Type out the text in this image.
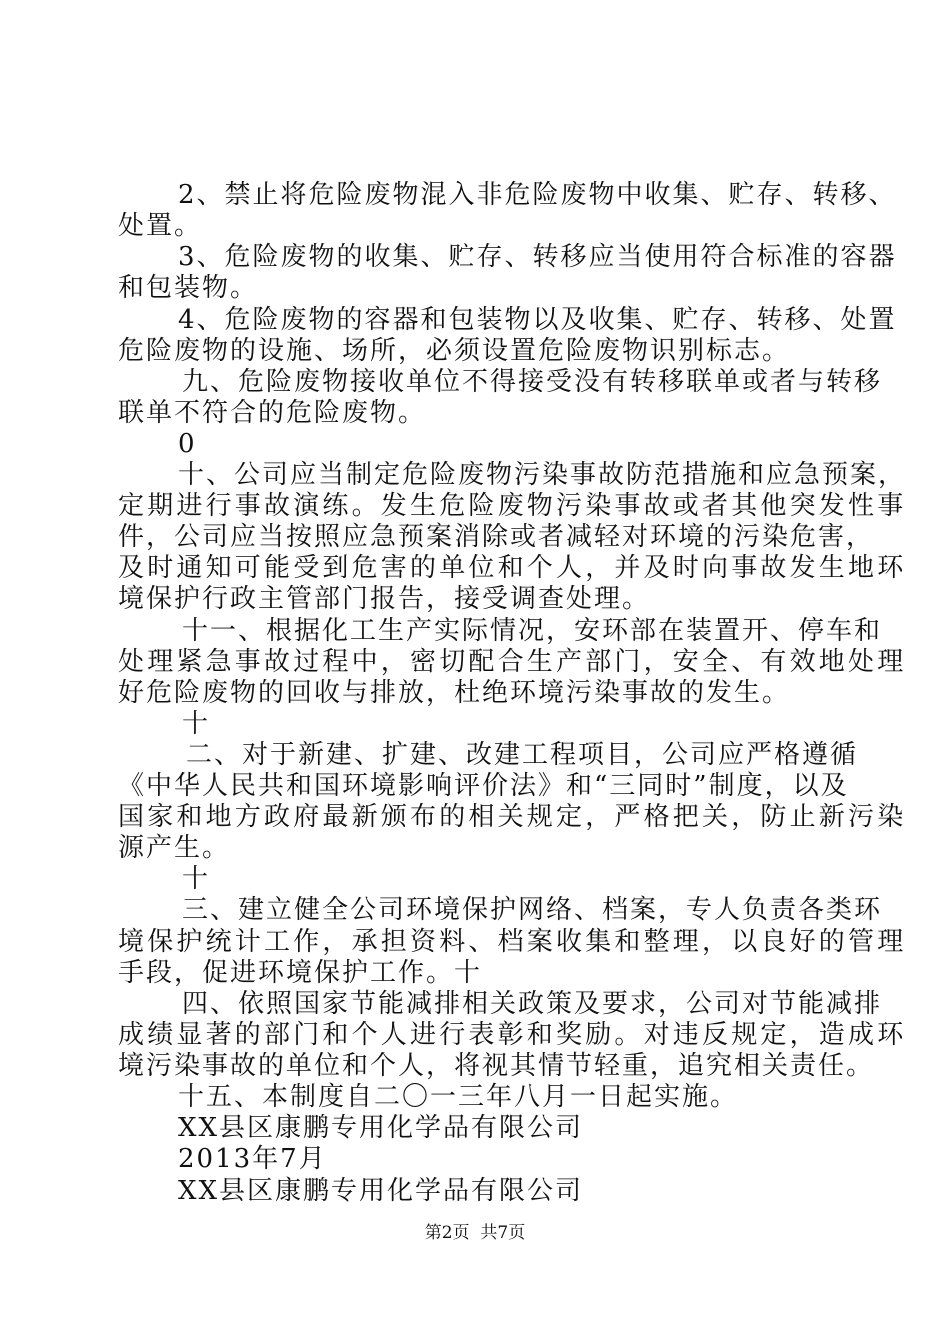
2、禁止将危险废物混入非危险废物中收集、贮存、转移、
处置。
3、危险废物的收集、贮存、转移应当使用符合标准的容器
和包装物。
4、危险废物的容器和包装物以及收集、贮存、转移、处置
危险废物的设施、场所，必须设置危险废物识别标志。
九、危险废物接收单位不得接受没有转移联单或者与转移
联单不符合的危险废物。
0
十、公司应当制定危险废物污染事故防范措施和应急预案，
定期进行事故演练。发生危险废物污染事故或者其他突发性事
件，公司应当按照应急预案消除或者减轻对环境的污染危害，
及时通知可能受到危害的单位和个人，并及时向事故发生地环
境保护行政主管部门报告，接受调查处理。
十一、根据化工生产实际情况，安环部在装置开、停车和
处理紧急事故过程中，密切配合生产部门，安全、有效地处理
好危险废物的回收与排放，杜绝环境污染事故的发生。
十
二、对于新建、扩建、改建工程项目，公司应严格遵循
《中华人民共和国环境影响评价法》和“三同时”制度，以及
国家和地方政府最新颁布的相关规定，严格把关，防止新污染
源产生。
十
三、建立健全公司环境保护网络、档案，专人负责各类环
境保护统计工作，承担资料、档案收集和整理，以良好的管理
手段，促进环境保护工作。十
四、依照国家节能减排相关政策及要求，公司对节能减排
成绩显著的部门和个人进行表彰和奖励。对违反规定，造成环
境污染事故的单位和个人，将视其情节轻重，追究相关责任。
十五、本制度自二〇一三年八月一日起实施。
XX县区康鹏专用化学品有限公司
2013年7月
XX县区康鹏专用化学品有限公司
第2页  共7页
